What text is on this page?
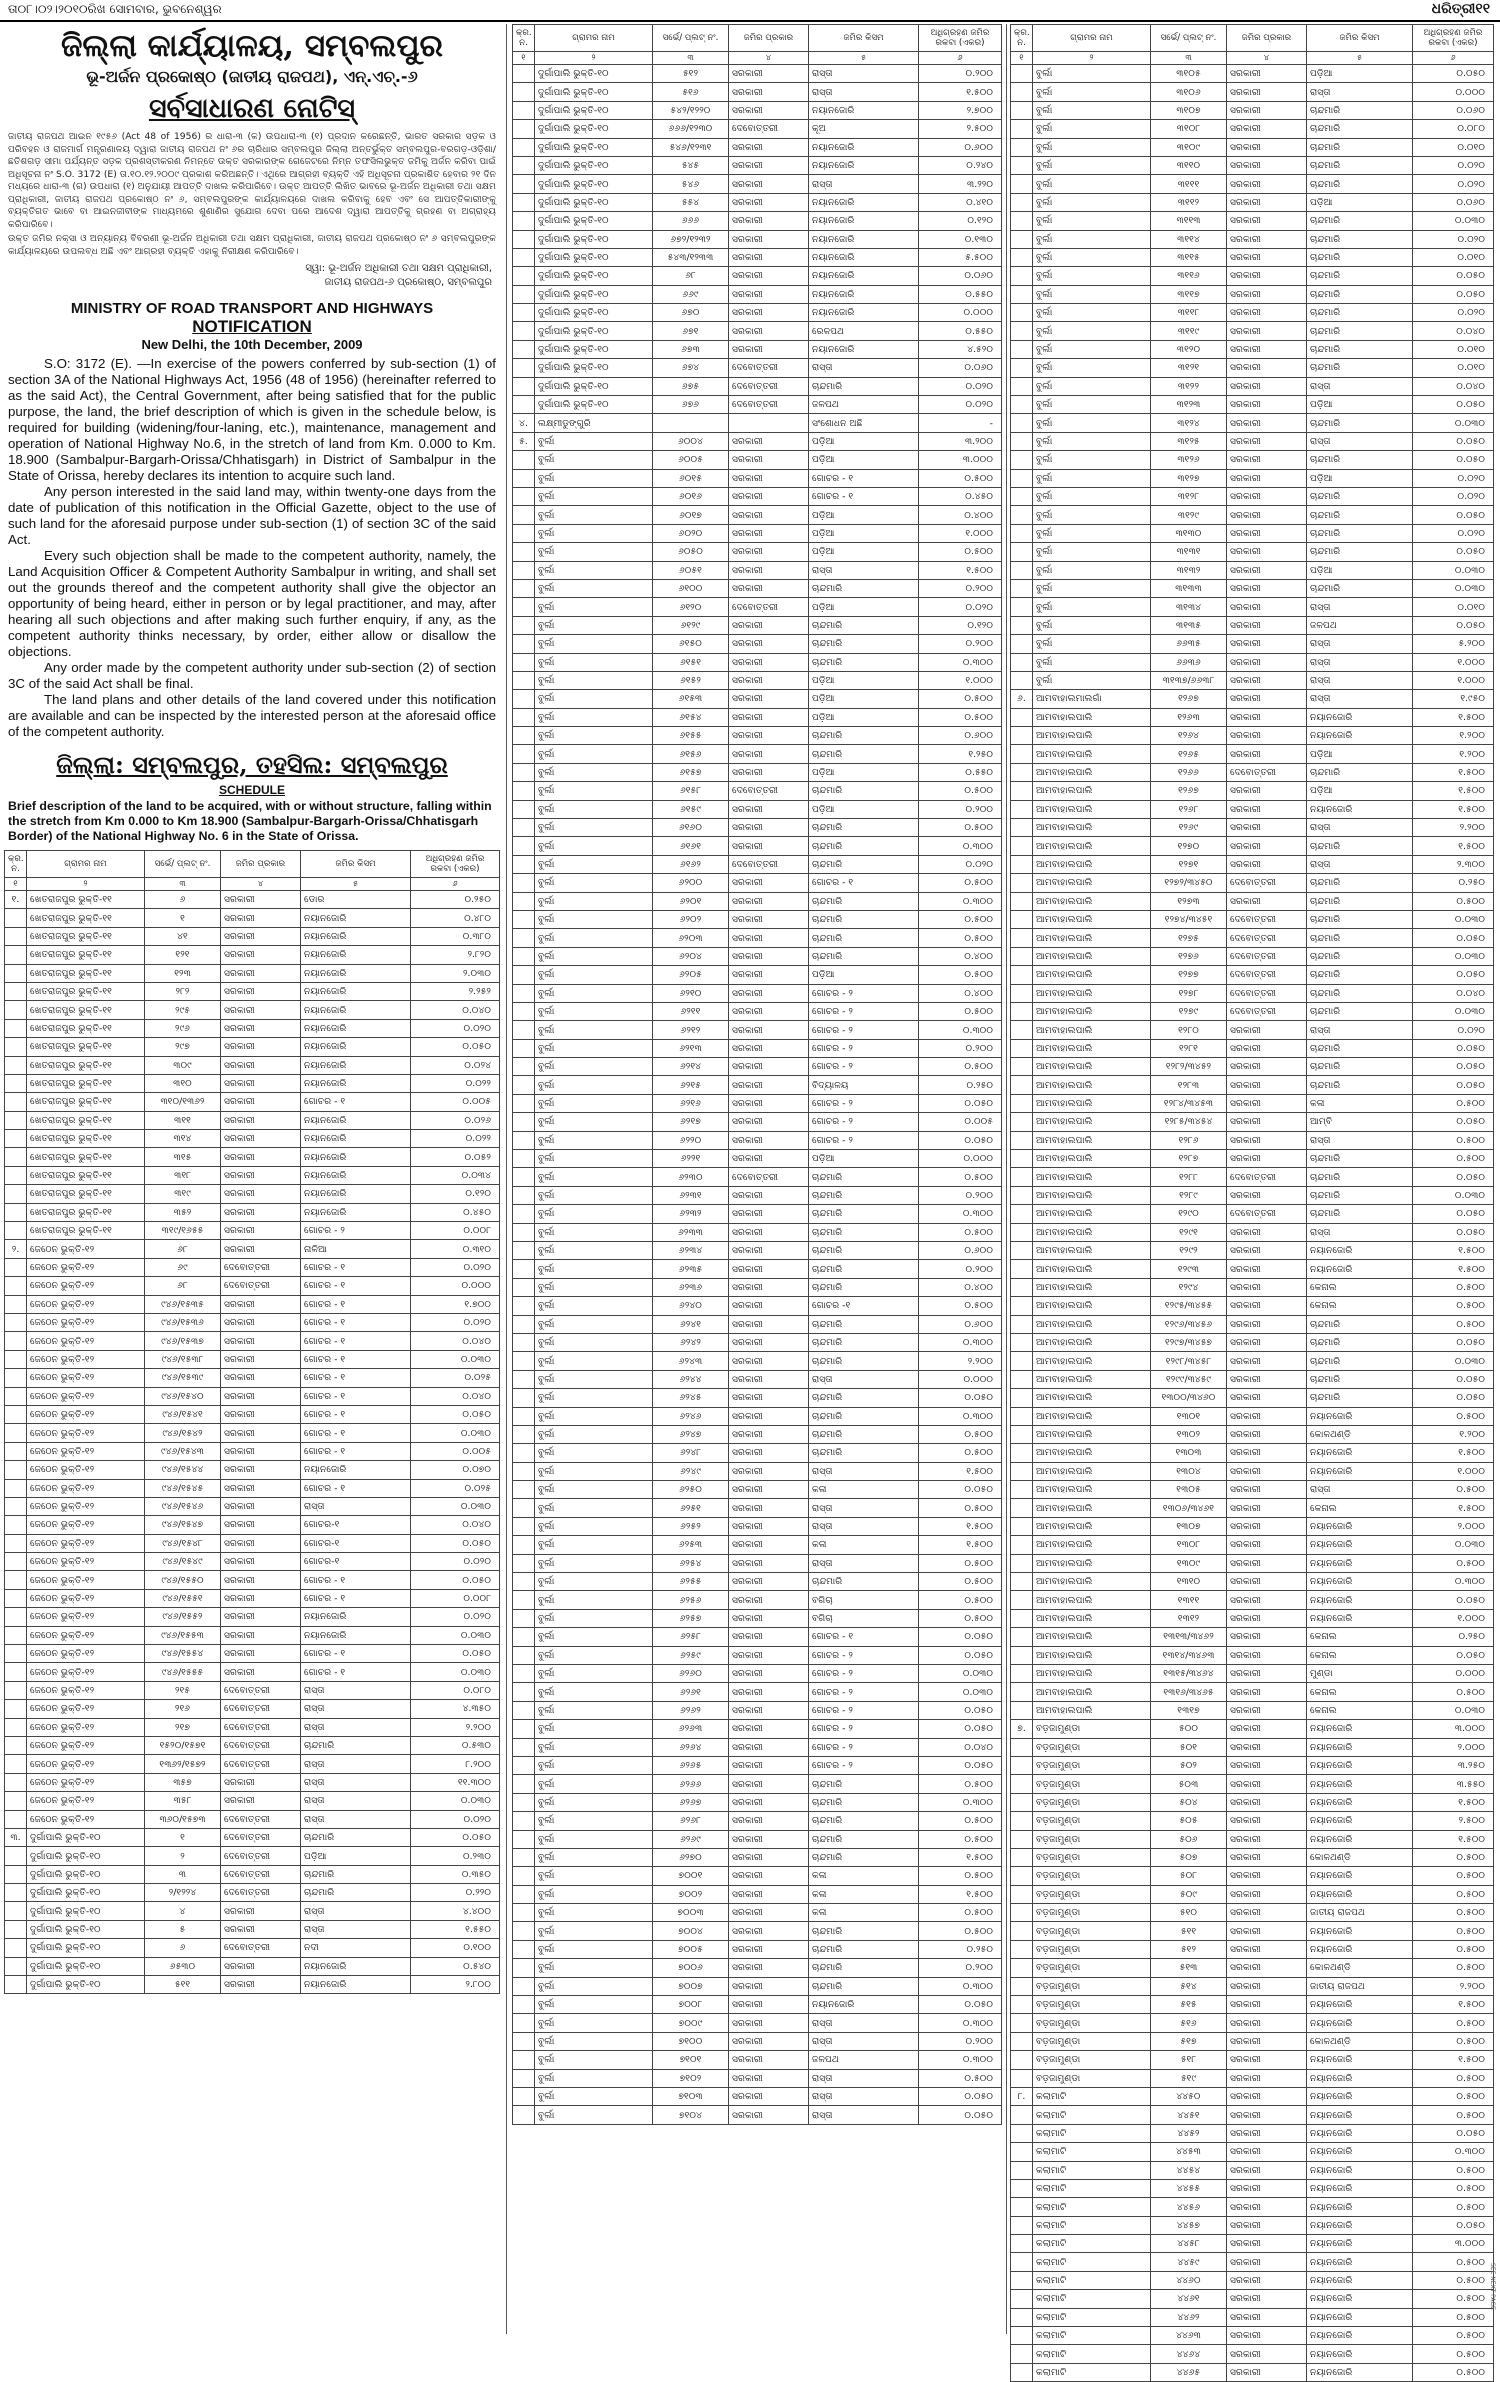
ତା୦୮।୦୨।୨୦୧୦ରିଖ ସୋମବାର, ଭୁବନେଶ୍ୱର	ଧରିତ୍ରୀ୧୧
ଜିଲ୍ଲା କାର୍ଯ୍ୟାଳୟ, ସମ୍ବଲପୁର
ଭୂ-ଅର୍ଜନ ପ୍ରକୋଷ୍ଠ (ଜାତୀୟ ରାଜପଥ), ଏନ୍.ଏଚ୍.-୬
ସର୍ବସାଧାରଣ ନୋଟିସ୍

ଜାତୀୟ ରାଜପଥ ଆଇନ ୧୯୫୬ (Act 48 of 1956) ର ଧାରା-୩ (କ) ଉପଧାରା-୩ (୧) ପ୍ରଦାନ କରେଛନ୍ତି, ଭାରତ ସରକାର ସଡ଼କ ଓ ପରିବହନ ଓ ରାଜମାର୍ଗ ମନ୍ତ୍ରଣାଳୟ ଦ୍ୱାରା ଜାତୀୟ ରାଜପଥ ନଂ ୬ର ଚାରିଧାର ସମ୍ବଲପୁର ଜିଲ୍ଲା ଅନ୍ତର୍ଭୁକ୍ତ ସମ୍ବଲପୁର-ବରଗଡ଼-ଓଡ଼ିଶା/ଛତିଶଗଡ଼ ସୀମା ପର୍ଯ୍ୟନ୍ତ ସଡ଼କ ପ୍ରଶସ୍ତୀକରଣ ନିମନ୍ତେ ଉକ୍ତ ସରକାରଙ୍କ ଗେଜେଟରେ ନିମ୍ନ ତଫସିଲଭୁକ୍ତ ଜମିକୁ ଅର୍ଜନ କରିବା ପାଇଁ ଅଧିସୂଚନା ନଂ S.O. 3172 (E) ତା.୧୦.୧୨.୨୦୦୯ ପ୍ରକାଶ କରିଅଛନ୍ତି। ଏଥିରେ ଆଗ୍ରହୀ ବ୍ୟକ୍ତି ଏହି ଅଧିସୂଚନା ପ୍ରକାଶିତ ହେବାର ୨୧ ଦିନ ମଧ୍ୟରେ ଧାରା-୩ (ଗ) ଉପଧାରା (୧) ଅନୁଯାୟୀ ଆପତ୍ତି ଦାଖଲ କରିପାରିବେ। ଉକ୍ତ ଆପତ୍ତି ଲିଖିତ ଭାବରେ ଭୂ-ଅର୍ଜନ ଅଧିକାରୀ ତଥା ସକ୍ଷମ ପ୍ରାଧିକାରୀ, ଜାତୀୟ ରାଜପଥ ପ୍ରକୋଷ୍ଠ ନଂ ୬, ସମ୍ବଲପୁରଙ୍କ କାର୍ଯ୍ୟାଳୟରେ ଦାଖଲ କରିବାକୁ ହେବ ଏବଂ ସେ ଆପତ୍ତିକାରୀଙ୍କୁ ବ୍ୟକ୍ତିଗତ ଭାବେ ବା ଆଇନଜୀବୀଙ୍କ ମାଧ୍ୟମରେ ଶୁଣାଣିର ସୁଯୋଗ ଦେବା ପରେ ଆଦେଶ ଦ୍ୱାରା ଆପତ୍ତିକୁ ଗ୍ରହଣ ବା ଅଗ୍ରାହ୍ୟ କରିପାରିବେ।

ଉକ୍ତ ଜମିର ନକ୍ସା ଓ ଅନ୍ୟାନ୍ୟ ବିବରଣୀ ଭୂ-ଅର୍ଜନ ଅଧିକାରୀ ତଥା ସକ୍ଷମ ପ୍ରାଧିକାରୀ, ଜାତୀୟ ରାଜପଥ ପ୍ରକୋଷ୍ଠ ନଂ ୬ ସମ୍ବଲପୁରଙ୍କ କାର୍ଯ୍ୟାଳୟରେ ଉପଲବ୍ଧ ଅଛି ଏବଂ ଆଗ୍ରହୀ ବ୍ୟକ୍ତି ଏହାକୁ ନିରୀକ୍ଷଣ କରିପାରିବେ।

ସ୍ୱା: ଭୂ-ଅର୍ଜନ ଅଧିକାରୀ ତଥା ସକ୍ଷମ ପ୍ରାଧିକାରୀ,
ଜାତୀୟ ରାଜପଥ-୬ ପ୍ରକୋଷ୍ଠ, ସମ୍ବଲପୁର
MINISTRY OF ROAD TRANSPORT AND HIGHWAYS
NOTIFICATION
New Delhi, the 10th December, 2009

S.O: 3172 (E). —In exercise of the powers conferred by sub-section (1) of section 3A of the National Highways Act, 1956 (48 of 1956) (hereinafter referred to as the said Act), the Central Government, after being satisfied that for the public purpose, the land, the brief description of which is given in the schedule below, is required for building (widening/four-laning, etc.), maintenance, management and operation of National Highway No.6, in the stretch of land from Km. 0.000 to Km. 18.900 (Sambalpur-Bargarh-Orissa/Chhatisgarh) in District of Sambalpur in the State of Orissa, hereby declares its intention to acquire such land.

Any person interested in the said land may, within twenty-one days from the date of publication of this notification in the Official Gazette, object to the use of such land for the aforesaid purpose under sub-section (1) of section 3C of the said Act.

Every such objection shall be made to the competent authority, namely, the Land Acquisition Officer & Competent Authority Sambalpur in writing, and shall set out the grounds thereof and the competent authority shall give the objector an opportunity of being heard, either in person or by legal practitioner, and may, after hearing all such objections and after making such further enquiry, if any, as the competent authority thinks necessary, by order, either allow or disallow the objections.

Any order made by the competent authority under sub-section (2) of section 3C of the said Act shall be final.

The land plans and other details of the land covered under this notification are available and can be inspected by the interested person at the aforesaid office of the competent authority.

ଜିଲ୍ଲା: ସମ୍ବଲପୁର, ତହସିଲ: ସମ୍ବଲପୁର
SCHEDULE
Brief description of the land to be acquired, with or without structure, falling within the stretch from Km 0.000 to Km 18.900 (Sambalpur-Bargarh-Orissa/Chhatisgarh Border) of the National Highway No. 6 in the State of Orissa.
କ୍ର. ନ.	ଗ୍ରାମର ନାମ	ସର୍ଭେ/ ପ୍ଲଟ୍ ନଂ.	ଜମିର ପ୍ରକାର	ଜମିର କିସମ	ଅଧିଗ୍ରହଣ ଜମିର ରକବା (ଏକର)
୧	୨	୩	୪	୫	୬
୧.	ଖେତରାଜପୁର ଭୁକ୍ତି-୧୧	୬	ସରକାରୀ	ଡୋର	୦.୨୫୦
	ଖେତରାଜପୁର ଭୁକ୍ତି-୧୧	୧	ସରକାରୀ	ନୟାନଜୋରି	୦.୪୮୦
	ଖେତରାଜପୁର ଭୁକ୍ତି-୧୧	୪୧	ସରକାରୀ	ନୟାନଜୋରି	୦.୩୮୦
	ଖେତରାଜପୁର ଭୁକ୍ତି-୧୧	୧୨୧	ସରକାରୀ	ନୟାନଜୋରି	୨.୮୨୦
	ଖେତରାଜପୁର ଭୁକ୍ତି-୧୧	୧୨୩	ସରକାରୀ	ନୟାନଜୋରି	୨.୦୩୦
	ଖେତରାଜପୁର ଭୁକ୍ତି-୧୧	୨୮୨	ସରକାରୀ	ନୟାନଜୋରି	୨.୨୫୨
	ଖେତରାଜପୁର ଭୁକ୍ତି-୧୧	୨୯୫	ସରକାରୀ	ନୟାନଜୋରି	୦.୦୪୦
	ଖେତରାଜପୁର ଭୁକ୍ତି-୧୧	୨୯୬	ସରକାରୀ	ନୟାନଜୋରି	୦.୦୨୦
	ଖେତରାଜପୁର ଭୁକ୍ତି-୧୧	୨୯୭	ସରକାରୀ	ନୟାନଜୋରି	୦.୦୫୦
	ଖେତରାଜପୁର ଭୁକ୍ତି-୧୧	୩୦୯	ସରକାରୀ	ନୟାନଜୋରି	୦.୦୨୪
	ଖେତରାଜପୁର ଭୁକ୍ତି-୧୧	୩୧୦	ସରକାରୀ	ନୟାନଜୋରି	୦.୦୨୨
	ଖେତରାଜପୁର ଭୁକ୍ତି-୧୧	୩୧୦/୧୩୬୨	ସରକାରୀ	ଗୋଚର - ୧	୦.୦୦୫
	ଖେତରାଜପୁର ଭୁକ୍ତି-୧୧	୩୧୧	ସରକାରୀ	ନୟାନଜୋରି	୦.୦୨୬
	ଖେତରାଜପୁର ଭୁକ୍ତି-୧୧	୩୧୪	ସରକାରୀ	ନୟାନଜୋରି	୦.୦୨୨
	ଖେତରାଜପୁର ଭୁକ୍ତି-୧୧	୩୧୫	ସରକାରୀ	ନୟାନଜୋରି	୦.୦୫୨
	ଖେତରାଜପୁର ଭୁକ୍ତି-୧୧	୩୧୮	ସରକାରୀ	ନୟାନଜୋରି	୦.୦୩୪
	ଖେତରାଜପୁର ଭୁକ୍ତି-୧୧	୩୧୯	ସରକାରୀ	ନୟାନଜୋରି	୦.୧୨୦
	ଖେତରାଜପୁର ଭୁକ୍ତି-୧୧	୩୫୨	ସରକାରୀ	ନୟାନଜୋରି	୦.୪୫୦
	ଖେତରାଜପୁର ଭୁକ୍ତି-୧୧	୩୧୯/୧୬୫୫	ସରକାରୀ	ଗୋଚର - ୨	୦.୦୦୮
୨.	ଜେଠେନ ଭୁକ୍ତି-୧୨	୬୮	ସରକାରୀ	ନାଳିଆ	୦.୩୧୦
	ଜେଠେନ ଭୁକ୍ତି-୧୨	୬୯	ଦେବୋତ୍ତରୀ	ଗୋଚର - ୧	୦.୦୨୦
	ଜେଠେନ ଭୁକ୍ତି-୧୨	୬୮	ଦେବୋତ୍ତରୀ	ଗୋଚର - ୧	୦.୦୦୦
	ଜେଠେନ ଭୁକ୍ତି-୧୨	୯୪୬/୧୫୩୫	ସରକାରୀ	ଗୋଚର - ୧	୧.୭୦୦
	ଜେଠେନ ଭୁକ୍ତି-୧୨	୯୪୬/୧୫୩୬	ସରକାରୀ	ଗୋଚର - ୧	୦.୦୨୦
	ଜେଠେନ ଭୁକ୍ତି-୧୨	୯୪୬/୧୫୩୭	ସରକାରୀ	ଗୋଚର - ୧	୦.୦୪୦
	ଜେଠେନ ଭୁକ୍ତି-୧୨	୯୪୬/୧୫୩୮	ସରକାରୀ	ଗୋଚର - ୧	୦.୦୩୦
	ଜେଠେନ ଭୁକ୍ତି-୧୨	୯୪୬/୧୫୩୯	ସରକାରୀ	ଗୋଚର - ୧	୦.୦୨୫
	ଜେଠେନ ଭୁକ୍ତି-୧୨	୯୪୬/୧୫୪୦	ସରକାରୀ	ଗୋଚର - ୧	୦.୦୪୦
	ଜେଠେନ ଭୁକ୍ତି-୧୨	୯୪୬/୧୫୪୧	ସରକାରୀ	ଗୋଚର - ୧	୦.୦୫୦
	ଜେଠେନ ଭୁକ୍ତି-୧୨	୯୪୬/୧୫୪୨	ସରକାରୀ	ଗୋଚର - ୧	୦.୦୩୦
	ଜେଠେନ ଭୁକ୍ତି-୧୨	୯୪୬/୧୫୪୩	ସରକାରୀ	ଗୋଚର - ୧	୦.୦୦୫
	ଜେଠେନ ଭୁକ୍ତି-୧୨	୯୪୬/୧୫୪୪	ସରକାରୀ	ନୟାନଜୋରି	୦.୦୭୦
	ଜେଠେନ ଭୁକ୍ତି-୧୨	୯୪୬/୧୫୪୫	ସରକାରୀ	ଗୋଚର - ୧	୦.୦୨୫
	ଜେଠେନ ଭୁକ୍ତି-୧୨	୯୪୬/୧୫୪୬	ସରକାରୀ	ରାସ୍ତା	୦.୦୩୦
	ଜେଠେନ ଭୁକ୍ତି-୧୨	୯୪୬/୧୫୪୭	ସରକାରୀ	ଗୋଚର-୧	୦.୦୪୦
	ଜେଠେନ ଭୁକ୍ତି-୧୨	୯୪୬/୧୫୪୮	ସରକାରୀ	ଗୋଚର-୧	୦.୦୫୦
	ଜେଠେନ ଭୁକ୍ତି-୧୨	୯୪୬/୧୫୪୯	ସରକାରୀ	ଗୋଚର-୧	୦.୦୨୦
	ଜେଠେନ ଭୁକ୍ତି-୧୨	୯୪୬/୧୫୫୦	ସରକାରୀ	ଗୋଚର - ୧	୦.୦୫୦
	ଜେଠେନ ଭୁକ୍ତି-୧୨	୯୪୬/୧୫୫୧	ସରକାରୀ	ଗୋଚର - ୧	୦.୦୦୮
	ଜେଠେନ ଭୁକ୍ତି-୧୨	୯୪୬/୧୫୫୨	ସରକାରୀ	ନୟାନଜୋରି	୦.୦୨୦
	ଜେଠେନ ଭୁକ୍ତି-୧୨	୯୪୬/୧୫୫୩	ସରକାରୀ	ନୟାନଜୋରି	୦.୦୩୦
	ଜେଠେନ ଭୁକ୍ତି-୧୨	୯୪୬/୧୫୫୪	ସରକାରୀ	ଗୋଚର - ୧	୦.୦୫୦
	ଜେଠେନ ଭୁକ୍ତି-୧୨	୯୪୬/୧୫୫୫	ସରକାରୀ	ଗୋଚର - ୧	୦.୦୩୦
	ଜେଠେନ ଭୁକ୍ତି-୧୨	୨୧୫	ଦେବୋତ୍ତରୀ	ରାସ୍ତା	୦.୦୮୦
	ଜେଠେନ ଭୁକ୍ତି-୧୨	୨୧୬	ଦେବୋତ୍ତରୀ	ରାସ୍ତା	୪.୩୫୦
	ଜେଠେନ ଭୁକ୍ତି-୧୨	୨୧୭	ଦେବୋତ୍ତରୀ	ରାସ୍ତା	୨.୨୦୦
	ଜେଠେନ ଭୁକ୍ତି-୧୨	୧୫୨୦/୧୫୭୧	ଦେବୋତ୍ତରୀ	ଚାନ୍ଦମାରି	୦.୫୩୦
	ଜେଠେନ ଭୁକ୍ତି-୧୨	୧୩୬୨/୧୫୭୨	ଦେବୋତ୍ତରୀ	ରାସ୍ତା	୮.୨୦୦
	ଜେଠେନ ଭୁକ୍ତି-୧୨	୩୫୭	ସରକାରୀ	ରାସ୍ତା	୧୧.୩୦୦
	ଜେଠେନ ଭୁକ୍ତି-୧୨	୩୫୮	ସରକାରୀ	ରାସ୍ତା	୦.୦୩୦
	ଜେଠେନ ଭୁକ୍ତି-୧୨	୩୬୦/୧୫୭୩	ଦେବୋତ୍ତରୀ	ରାସ୍ତା	୦.୦୨୦
୩.	ଦୁର୍ଗାପାଲି ଭୁକ୍ତି-୧୦	୧	ଦେବୋତ୍ତରୀ	ଚାନ୍ଦମାରି	୦.୦୫୦
	ଦୁର୍ଗାପାଲି ଭୁକ୍ତି-୧୦	୨	ଦେବୋତ୍ତରୀ	ପଡ଼ିଆ	୦.୨୩୦
	ଦୁର୍ଗାପାଲି ଭୁକ୍ତି-୧୦	୩	ଦେବୋତ୍ତରୀ	ଚାନ୍ଦମାରି	୦.୩୫୦
	ଦୁର୍ଗାପାଲି ଭୁକ୍ତି-୧୦	୨/୧୨୨୪	ଦେବୋତ୍ତରୀ	ଚାନ୍ଦମାରି	୦.୨୨୦
	ଦୁର୍ଗାପାଲି ଭୁକ୍ତି-୧୦	୪	ସରକାରୀ	ରାସ୍ତା	୪.୪୦୦
	ଦୁର୍ଗାପାଲି ଭୁକ୍ତି-୧୦	୫	ସରକାରୀ	ରାସ୍ତା	୧.୫୫୦
	ଦୁର୍ଗାପାଲି ଭୁକ୍ତି-୧୦	୬	ଦେବୋତ୍ତରୀ	ନଦୀ	୦.୧୦୦
	ଦୁର୍ଗାପାଲି ଭୁକ୍ତି-୧୦	୬୫୩୦	ସରକାରୀ	ନୟାନଜୋରି	୦.୫୪୦
	ଦୁର୍ଗାପାଲି ଭୁକ୍ତି-୧୦	୫୧୧	ସରକାରୀ	ନୟାନଜୋରି	୨.୮୦୦
କ୍ର. ନ.	ଗ୍ରାମର ନାମ	ସର୍ଭେ/ ପ୍ଲଟ୍ ନଂ.	ଜମିର ପ୍ରକାର	ଜମିର କିସମ	ଅଧିଗ୍ରହଣ ଜମିର ରକବା (ଏକର)
୧	୨	୩	୪	୫	୬
	ଦୁର୍ଗାପାଲି ଭୁକ୍ତି-୧୦	୫୧୨	ସରକାରୀ	ରାସ୍ତା	୦.୨୦୦
	ଦୁର୍ଗାପାଲି ଭୁକ୍ତି-୧୦	୫୧୬	ସରକାରୀ	ରାସ୍ତା	୧.୫୦୦
	ଦୁର୍ଗାପାଲି ଭୁକ୍ତି-୧୦	୫୪୨/୧୨୨୦	ସରକାରୀ	ନୟାନଜୋରି	୨.୭୦୦
	ଦୁର୍ଗାପାଲି ଭୁକ୍ତି-୧୦	୬୬୬/୧୨୩୦	ଦେବୋତ୍ତରୀ	କୂଅ	୨.୫୦୦
	ଦୁର୍ଗାପାଲି ଭୁକ୍ତି-୧୦	୫୪୬/୧୨୩୧	ସରକାରୀ	ନୟାନଜୋରି	୦.୬୦୦
	ଦୁର୍ଗାପାଲି ଭୁକ୍ତି-୧୦	୫୪୫	ସରକାରୀ	ନୟାନଜୋରି	୦.୨୪୦
	ଦୁର୍ଗାପାଲି ଭୁକ୍ତି-୧୦	୫୪୬	ସରକାରୀ	ରାସ୍ତା	୩.୨୨୦
	ଦୁର୍ଗାପାଲି ଭୁକ୍ତି-୧୦	୫୫୪	ସରକାରୀ	ନୟାନଜୋରି	୦.୪୧୦
	ଦୁର୍ଗାପାଲି ଭୁକ୍ତି-୧୦	୬୬୬	ସରକାରୀ	ନୟାନଜୋରି	୦.୧୨୦
	ଦୁର୍ଗାପାଲି ଭୁକ୍ତି-୧୦	୬୭୨/୧୨୩୨	ସରକାରୀ	ନୟାନଜୋରି	୦.୧୩୦
	ଦୁର୍ଗାପାଲି ଭୁକ୍ତି-୧୦	୫୪୩/୧୨୩୩	ସରକାରୀ	ନୟାନଜୋରି	୫.୫୦୦
	ଦୁର୍ଗାପାଲି ଭୁକ୍ତି-୧୦	୬୮	ସରକାରୀ	ନୟାନଜୋରି	୦.୦୬୦
	ଦୁର୍ଗାପାଲି ଭୁକ୍ତି-୧୦	୬୬୯	ସରକାରୀ	ନୟାନଜୋରି	୦.୫୫୦
	ଦୁର୍ଗାପାଲି ଭୁକ୍ତି-୧୦	୬୭୦	ସରକାରୀ	ନୟାନଜୋରି	୦.୦୦୦
	ଦୁର୍ଗାପାଲି ଭୁକ୍ତି-୧୦	୬୭୧	ସରକାରୀ	ରେଳପଥ	୦.୫୫୦
	ଦୁର୍ଗାପାଲି ଭୁକ୍ତି-୧୦	୬୭୩	ସରକାରୀ	ନୟାନଜୋରି	୪.୫୨୦
	ଦୁର୍ଗାପାଲି ଭୁକ୍ତି-୧୦	୬୭୪	ଦେବୋତ୍ତରୀ	ରାସ୍ତା	୦.୦୬୦
	ଦୁର୍ଗାପାଲି ଭୁକ୍ତି-୧୦	୬୭୫	ଦେବୋତ୍ତରୀ	ଚାନ୍ଦମାରି	୦.୦୨୦
	ଦୁର୍ଗାପାଲି ଭୁକ୍ତି-୧୦	୬୭୬	ଦେବୋତ୍ତରୀ	ଜଳପଥ	୦.୦୨୦
୪.	ଲକ୍ଷ୍ମୀଡୁଙ୍ଗୁରି			ସଂଶୋଧନ ଅଛି	-
୫.	ବୁର୍ଲା	୬୦୦୪	ସରକାରୀ	ପଡ଼ିଆ	୩.୨୦୦
	ବୁର୍ଲା	୬୦୦୫	ସରକାରୀ	ପଡ଼ିଆ	୩.୦୦୦
	ବୁର୍ଲା	୬୦୧୫	ସରକାରୀ	ଗୋଚର - ୧	୦.୫୦୦
	ବୁର୍ଲା	୬୦୧୬	ସରକାରୀ	ଗୋଚର - ୧	୦.୪୫୦
	ବୁର୍ଲା	୬୦୧୭	ସରକାରୀ	ପଡ଼ିଆ	୦.୪୦୦
	ବୁର୍ଲା	୬୦୨୦	ସରକାରୀ	ପଡ଼ିଆ	୧.୦୦୦
	ବୁର୍ଲା	୬୦୫୦	ସରକାରୀ	ପଡ଼ିଆ	୦.୫୦୦
	ବୁର୍ଲା	୬୦୫୧	ସରକାରୀ	ରାସ୍ତା	୧.୫୦୦
	ବୁର୍ଲା	୬୧୦୦	ସରକାରୀ	ଚାନ୍ଦମାରି	୦.୨୦୦
	ବୁର୍ଲା	୬୧୨୦	ଦେବୋତ୍ତରୀ	ପଡ଼ିଆ	୦.୦୨୦
	ବୁର୍ଲା	୬୧୨୯	ସରକାରୀ	ଚାନ୍ଦମାରି	୦.୧୨୦
	ବୁର୍ଲା	୬୧୫୦	ସରକାରୀ	ଚାନ୍ଦମାରି	୦.୨୦୦
	ବୁର୍ଲା	୬୧୫୧	ସରକାରୀ	ଚାନ୍ଦମାରି	୦.୩୦୦
	ବୁର୍ଲା	୬୧୫୨	ସରକାରୀ	ପଡ଼ିଆ	୧.୦୦୦
	ବୁର୍ଲା	୬୧୫୩	ସରକାରୀ	ପଡ଼ିଆ	୦.୫୦୦
	ବୁର୍ଲା	୬୧୫୪	ସରକାରୀ	ପଡ଼ିଆ	୦.୫୦୦
	ବୁର୍ଲା	୬୧୫୫	ସରକାରୀ	ଚାନ୍ଦମାରି	୦.୬୦୦
	ବୁର୍ଲା	୬୧୫୬	ସରକାରୀ	ଚାନ୍ଦମାରି	୧.୨୫୦
	ବୁର୍ଲା	୬୧୫୭	ସରକାରୀ	ପଡ଼ିଆ	୦.୫୫୦
	ବୁର୍ଲା	୬୧୫୮	ଦେବୋତ୍ତରୀ	ଚାନ୍ଦମାରି	୦.୫୦୦
	ବୁର୍ଲା	୬୧୫୯	ସରକାରୀ	ପଡ଼ିଆ	୦.୨୦୦
	ବୁର୍ଲା	୬୧୬୦	ସରକାରୀ	ଚାନ୍ଦମାରି	୦.୫୦୦
	ବୁର୍ଲା	୬୧୬୧	ସରକାରୀ	ଚାନ୍ଦମାରି	୦.୩୦୦
	ବୁର୍ଲା	୬୧୬୨	ଦେବୋତ୍ତରୀ	ଚାନ୍ଦମାରି	୦.୦୨୦
	ବୁର୍ଲା	୬୨୦୦	ସରକାରୀ	ଗୋଚର - ୧	୦.୫୦୦
	ବୁର୍ଲା	୬୨୦୧	ସରକାରୀ	ଚାନ୍ଦମାରି	୦.୩୦୦
	ବୁର୍ଲା	୬୨୦୨	ସରକାରୀ	ଚାନ୍ଦମାରି	୦.୫୦୦
	ବୁର୍ଲା	୬୨୦୩	ସରକାରୀ	ଚାନ୍ଦମାରି	୦.୫୦୦
	ବୁର୍ଲା	୬୨୦୪	ସରକାରୀ	ଚାନ୍ଦମାରି	୦.୪୦୦
	ବୁର୍ଲା	୬୨୦୫	ସରକାରୀ	ପଡ଼ିଆ	୦.୫୦୦
	ବୁର୍ଲା	୬୨୧୦	ସରକାରୀ	ଗୋଚର - ୨	୦.୪୦୦
	ବୁର୍ଲା	୬୨୧୧	ସରକାରୀ	ଗୋଚର - ୨	୦.୫୦୦
	ବୁର୍ଲା	୬୨୧୨	ସରକାରୀ	ଗୋଚର - ୨	୦.୩୦୦
	ବୁର୍ଲା	୬୨୧୩	ସରକାରୀ	ଗୋଚର - ୨	୦.୨୦୦
	ବୁର୍ଲା	୬୨୧୪	ସରକାରୀ	ଗୋଚର - ୨	୦.୫୦୦
	ବୁର୍ଲା	୬୨୧୫	ସରକାରୀ	ବିଦ୍ୟାଳୟ	୦.୨୫୦
	ବୁର୍ଲା	୬୨୧୬	ସରକାରୀ	ଗୋଚର - ୨	୦.୦୫୦
	ବୁର୍ଲା	୬୨୧୭	ସରକାରୀ	ଗୋଚର - ୨	୦.୦୦୫
	ବୁର୍ଲା	୬୨୨୦	ସରକାରୀ	ଗୋଚର - ୨	୦.୦୫୦
	ବୁର୍ଲା	୬୨୨୧	ସରକାରୀ	ପଡ଼ିଆ	୦.୦୦୦
	ବୁର୍ଲା	୬୨୩୦	ଦେବୋତ୍ତରୀ	ଚାନ୍ଦମାରି	୦.୫୦୦
	ବୁର୍ଲା	୬୨୩୧	ସରକାରୀ	ଚାନ୍ଦମାରି	୦.୨୦୦
	ବୁର୍ଲା	୬୨୩୨	ସରକାରୀ	ଚାନ୍ଦମାରି	୦.୩୦୦
	ବୁର୍ଲା	୬୨୩୩	ସରକାରୀ	ଚାନ୍ଦମାରି	୦.୫୦୦
	ବୁର୍ଲା	୬୨୩୪	ସରକାରୀ	ଚାନ୍ଦମାରି	୦.୬୦୦
	ବୁର୍ଲା	୬୨୩୫	ସରକାରୀ	ଚାନ୍ଦମାରି	୦.୨୦୦
	ବୁର୍ଲା	୬୨୩୬	ସରକାରୀ	ଚାନ୍ଦମାରି	୦.୪୦୦
	ବୁର୍ଲା	୬୨୪୦	ସରକାରୀ	ଗୋଚର -୧	୦.୫୦୦
	ବୁର୍ଲା	୬୨୪୧	ସରକାରୀ	ଚାନ୍ଦମାରି	୦.୬୦୦
	ବୁର୍ଲା	୬୨୪୨	ସରକାରୀ	ଚାନ୍ଦମାରି	୦.୩୦୦
	ବୁର୍ଲା	୬୨୪୩	ସରକାରୀ	ଚାନ୍ଦମାରି	୨.୨୦୦
	ବୁର୍ଲା	୬୨୪୪	ସରକାରୀ	ରାସ୍ତା	୦.୦୦୦
	ବୁର୍ଲା	୬୨୪୫	ସରକାରୀ	ଚାନ୍ଦମାରି	୦.୦୫୦
	ବୁର୍ଲା	୬୨୪୬	ସରକାରୀ	ଚାନ୍ଦମାରି	୦.୩୦୦
	ବୁର୍ଲା	୬୨୪୭	ସରକାରୀ	ଚାନ୍ଦମାରି	୦.୫୦୦
	ବୁର୍ଲା	୬୨୪୮	ସରକାରୀ	ଚାନ୍ଦମାରି	୦.୫୦୦
	ବୁର୍ଲା	୬୨୪୯	ସରକାରୀ	ରାସ୍ତା	୧.୫୦୦
	ବୁର୍ଲା	୬୨୫୦	ସରକାରୀ	କଳା	୦.୦୫୦
	ବୁର୍ଲା	୬୨୫୧	ସରକାରୀ	ରାସ୍ତା	୦.୫୦୦
	ବୁର୍ଲା	୬୨୫୨	ସରକାରୀ	ରାସ୍ତା	୧.୫୦୦
	ବୁର୍ଲା	୬୨୫୩	ସରକାରୀ	କଳା	୧.୫୦୦
	ବୁର୍ଲା	୬୨୫୪	ସରକାରୀ	ରାସ୍ତା	୦.୫୦୦
	ବୁର୍ଲା	୬୨୫୫	ସରକାରୀ	ଚାନ୍ଦମାରି	୦.୫୦୦
	ବୁର୍ଲା	୬୨୫୬	ସରକାରୀ	ବଗିଚା	୦.୫୦୦
	ବୁର୍ଲା	୬୨୫୭	ସରକାରୀ	ବଗିଚା	୦.୫୦୦
	ବୁର୍ଲା	୬୨୫୮	ସରକାରୀ	ଗୋଚର - ୧	୦.୦୫୦
	ବୁର୍ଲା	୬୨୫୯	ସରକାରୀ	ଗୋଚର - ୨	୦.୦୫୦
	ବୁର୍ଲା	୬୨୬୦	ସରକାରୀ	ଗୋଚର - ୨	୦.୦୩୦
	ବୁର୍ଲା	୬୨୬୧	ସରକାରୀ	ଗୋଚର - ୨	୦.୦୩୦
	ବୁର୍ଲା	୬୨୬୨	ସରକାରୀ	ଗୋଚର - ୨	୦.୦୫୦
	ବୁର୍ଲା	୬୨୬୩	ସରକାରୀ	ଗୋଚର - ୨	୦.୦୫୦
	ବୁର୍ଲା	୬୨୬୪	ସରକାରୀ	ଗୋଚର - ୨	୦.୦୪୦
	ବୁର୍ଲା	୬୨୬୫	ସରକାରୀ	ଗୋଚର - ୨	୦.୦୫୦
	ବୁର୍ଲା	୬୨୬୬	ସରକାରୀ	ଚାନ୍ଦମାରି	୦.୫୦୦
	ବୁର୍ଲା	୬୨୬୭	ସରକାରୀ	ଚାନ୍ଦମାରି	୦.୩୦୦
	ବୁର୍ଲା	୬୨୬୮	ସରକାରୀ	ଚାନ୍ଦମାରି	୦.୫୦୦
	ବୁର୍ଲା	୬୨୬୯	ସରକାରୀ	ଚାନ୍ଦମାରି	୦.୫୦୦
	ବୁର୍ଲା	୬୨୭୦	ସରକାରୀ	ଚାନ୍ଦମାରି	୧.୫୦୦
	ବୁର୍ଲା	୭୦୦୧	ସରକାରୀ	କଳା	୦.୫୦୦
	ବୁର୍ଲା	୭୦୦୨	ସରକାରୀ	କଳା	୧.୫୦୦
	ବୁର୍ଲା	୭୦୦୩	ସରକାରୀ	କଳା	୦.୫୦୦
	ବୁର୍ଲା	୭୦୦୪	ସରକାରୀ	ଚାନ୍ଦମାରି	୦.୫୦୦
	ବୁର୍ଲା	୭୦୦୫	ସରକାରୀ	ଚାନ୍ଦମାରି	୦.୨୫୦
	ବୁର୍ଲା	୭୦୦୬	ସରକାରୀ	ଚାନ୍ଦମାରି	୦.୨୦୦
	ବୁର୍ଲା	୭୦୦୭	ସରକାରୀ	ଚାନ୍ଦମାରି	୦.୩୦୦
	ବୁର୍ଲା	୭୦୦୮	ସରକାରୀ	ନୟାନଜୋରି	୦.୦୫୦
	ବୁର୍ଲା	୭୦୦୯	ସରକାରୀ	ରାସ୍ତା	୦.୩୦୦
	ବୁର୍ଲା	୭୧୦୦	ସରକାରୀ	ରାସ୍ତା	୦.୨୦୦
	ବୁର୍ଲା	୭୧୦୧	ସରକାରୀ	ଜଳପଥ	୦.୩୦୦
	ବୁର୍ଲା	୭୧୦୨	ସରକାରୀ	ରାସ୍ତା	୦.୫୦୦
	ବୁର୍ଲା	୭୧୦୩	ସରକାରୀ	ରାସ୍ତା	୦.୦୫୦
	ବୁର୍ଲା	୭୧୦୪	ସରକାରୀ	ରାସ୍ତା	୦.୦୫୦
କ୍ର. ନ.	ଗ୍ରାମର ନାମ	ସର୍ଭେ/ ପ୍ଲଟ୍ ନଂ.	ଜମିର ପ୍ରକାର	ଜମିର କିସମ	ଅଧିଗ୍ରହଣ ଜମିର ରକବା (ଏକର)
୧	୨	୩	୪	୫	୬
	ବୁର୍ଲା	୩୧୦୫	ସରକାରୀ	ପଡ଼ିଆ	୦.୦୫୦
	ବୁର୍ଲା	୩୧୦୬	ସରକାରୀ	ରାସ୍ତା	୦.୦୦୦
	ବୁର୍ଲା	୩୧୦୭	ସରକାରୀ	ଚାନ୍ଦମାରି	୦.୦୬୦
	ବୁର୍ଲା	୩୧୦୮	ସରକାରୀ	ଚାନ୍ଦମାରି	୦.୦୮୦
	ବୁର୍ଲା	୩୧୦୯	ସରକାରୀ	ଚାନ୍ଦମାରି	୦.୦୧୦
	ବୁର୍ଲା	୩୧୧୦	ସରକାରୀ	ଚାନ୍ଦମାରି	୦.୦୨୦
	ବୁର୍ଲା	୩୧୧୧	ସରକାରୀ	ଚାନ୍ଦମାରି	୦.୦୨୦
	ବୁର୍ଲା	୩୧୧୨	ସରକାରୀ	ପଡ଼ିଆ	୦.୦୬୦
	ବୁର୍ଲା	୩୧୧୩	ସରକାରୀ	ଚାନ୍ଦମାରି	୦.୦୩୦
	ବୁର୍ଲା	୩୧୧୪	ସରକାରୀ	ଚାନ୍ଦମାରି	୦.୦୨୦
	ବୁର୍ଲା	୩୧୧୫	ସରକାରୀ	ଚାନ୍ଦମାରି	୦.୦୧୦
	ବୁର୍ଲା	୩୧୧୬	ସରକାରୀ	ଚାନ୍ଦମାରି	୦.୦୫୦
	ବୁର୍ଲା	୩୧୧୭	ସରକାରୀ	ଚାନ୍ଦମାରି	୦.୦୫୦
	ବୁର୍ଲା	୩୧୧୮	ସରକାରୀ	ଚାନ୍ଦମାରି	୦.୦୨୦
	ବୁର୍ଲା	୩୧୧୯	ସରକାରୀ	ଚାନ୍ଦମାରି	୦.୦୪୦
	ବୁର୍ଲା	୩୧୨୦	ସରକାରୀ	ଚାନ୍ଦମାରି	୦.୦୧୦
	ବୁର୍ଲା	୩୧୨୧	ସରକାରୀ	ଚାନ୍ଦମାରି	୦.୦୧୦
	ବୁର୍ଲା	୩୧୨୨	ସରକାରୀ	ରାସ୍ତା	୦.୦୪୦
	ବୁର୍ଲା	୩୧୨୩	ସରକାରୀ	ପଡ଼ିଆ	୦.୦୫୦
	ବୁର୍ଲା	୩୧୨୪	ସରକାରୀ	ଚାନ୍ଦମାରି	୦.୦୩୦
	ବୁର୍ଲା	୩୧୨୫	ସରକାରୀ	ରାସ୍ତା	୦.୦୫୦
	ବୁର୍ଲା	୩୧୨୬	ସରକାରୀ	ଚାନ୍ଦମାରି	୦.୦୫୦
	ବୁର୍ଲା	୩୧୨୭	ସରକାରୀ	ପଡ଼ିଆ	୦.୦୨୦
	ବୁର୍ଲା	୩୧୨୮	ସରକାରୀ	ଚାନ୍ଦମାରି	୦.୦୨୦
	ବୁର୍ଲା	୩୧୨୯	ସରକାରୀ	ଚାନ୍ଦମାରି	୦.୦୫୦
	ବୁର୍ଲା	୩୧୩୦	ସରକାରୀ	ଚାନ୍ଦମାରି	୦.୦୨୦
	ବୁର୍ଲା	୩୧୩୧	ସରକାରୀ	ଚାନ୍ଦମାରି	୦.୦୫୦
	ବୁର୍ଲା	୩୧୩୨	ସରକାରୀ	ପଡ଼ିଆ	୦.୦୩୦
	ବୁର୍ଲା	୩୧୩୩	ସରକାରୀ	ଚାନ୍ଦମାରି	୦.୦୩୦
	ବୁର୍ଲା	୩୧୩୪	ସରକାରୀ	ରାସ୍ତା	୦.୦୧୦
	ବୁର୍ଲା	୩୧୩୫	ସରକାରୀ	ଜଳପଥ	୦.୦୫୦
	ବୁର୍ଲା	୬୬୩୫	ସରକାରୀ	ରାସ୍ତା	୫.୨୦୦
	ବୁର୍ଲା	୬୬୩୬	ସରକାରୀ	ରାସ୍ତା	୧.୦୦୦
	ବୁର୍ଲା	୩୧୩୭/୬୬୩୮	ସରକାରୀ	ରାସ୍ତା	୧.୦୦୦
୬.	ଆମବାହାଲମାଲଗାଁ	୧୨୬୭	ସରକାରୀ	ରାସ୍ତା	୧.୯୫୦
	ଆମବାହାଲପାଲି	୧୨୬୩	ସରକାରୀ	ନୟାନଜୋରି	୧.୫୦୦
	ଆମବାହାଲପାଲି	୧୨୬୪	ସରକାରୀ	ନୟାନଜୋରି	୧.୨୦୦
	ଆମବାହାଲପାଲି	୧୨୬୫	ସରକାରୀ	ପଡ଼ିଆ	୧.୨୦୦
	ଆମବାହାଲପାଲି	୧୨୬୬	ଦେବୋତ୍ତରୀ	ଚାନ୍ଦମାରି	୧.୫୦୦
	ଆମବାହାଲପାଲି	୧୨୬୭	ସରକାରୀ	ପଡ଼ିଆ	୧.୫୦୦
	ଆମବାହାଲପାଲି	୧୨୬୮	ସରକାରୀ	ନୟାନଜୋରି	୧.୫୦୦
	ଆମବାହାଲପାଲି	୧୨୬୯	ସରକାରୀ	ରାସ୍ତା	୨.୨୦୦
	ଆମବାହାଲପାଲି	୧୨୭୦	ସରକାରୀ	ଚାନ୍ଦମାରି	୧.୫୦୦
	ଆମବାହାଲପାଲି	୧୨୭୧	ସରକାରୀ	ରାସ୍ତା	୨.୩୦୦
	ଆମବାହାଲପାଲି	୧୨୭୨/୩୪୫୦	ଦେବୋତ୍ତରୀ	ଚାନ୍ଦମାରି	୦.୨୫୦
	ଆମବାହାଲପାଲି	୧୨୭୩	ସରକାରୀ	ଚାନ୍ଦମାରି	୦.୫୦୦
	ଆମବାହାଲପାଲି	୧୨୭୪/୩୪୫୧	ଦେବୋତ୍ତରୀ	ଚାନ୍ଦମାରି	୦.୦୩୦
	ଆମବାହାଲପାଲି	୧୨୭୫	ଦେବୋତ୍ତରୀ	ଚାନ୍ଦମାରି	୦.୦୫୦
	ଆମବାହାଲପାଲି	୧୨୭୬	ଦେବୋତ୍ତରୀ	ଚାନ୍ଦମାରି	୦.୦୩୦
	ଆମବାହାଲପାଲି	୧୨୭୭	ଦେବୋତ୍ତରୀ	ଚାନ୍ଦମାରି	୦.୦୫୦
	ଆମବାହାଲପାଲି	୧୨୭୮	ଦେବୋତ୍ତରୀ	ଚାନ୍ଦମାରି	୦.୦୪୦
	ଆମବାହାଲପାଲି	୧୨୭୯	ଦେବୋତ୍ତରୀ	ଚାନ୍ଦମାରି	୦.୦୩୦
	ଆମବାହାଲପାଲି	୧୨୮୦	ସରକାରୀ	ରାସ୍ତା	୦.୦୨୦
	ଆମବାହାଲପାଲି	୧୨୮୧	ସରକାରୀ	ଚାନ୍ଦମାରି	୦.୦୫୦
	ଆମବାହାଲପାଲି	୧୨୮୨/୩୪୫୨	ସରକାରୀ	ଚାନ୍ଦମାରି	୦.୦୫୦
	ଆମବାହାଲପାଲି	୧୨୮୩	ସରକାରୀ	ଚାନ୍ଦମାରି	୦.୦୫୦
	ଆମବାହାଲପାଲି	୧୨୮୪/୩୪୫୩	ସରକାରୀ	କଳା	୦.୫୦୦
	ଆମବାହାଲପାଲି	୧୨୮୫/୩୪୫୪	ସରକାରୀ	ଆମ୍ବି	୦.୦୫୦
	ଆମବାହାଲପାଲି	୧୨୮୬	ସରକାରୀ	ରାସ୍ତା	୦.୫୦୦
	ଆମବାହାଲପାଲି	୧୨୮୭	ସରକାରୀ	ଚାନ୍ଦମାରି	୦.୫୦୦
	ଆମବାହାଲପାଲି	୧୨୮୮	ଦେବୋତ୍ତରୀ	ଚାନ୍ଦମାରି	୦.୦୫୦
	ଆମବାହାଲପାଲି	୧୨୮୯	ସରକାରୀ	ଚାନ୍ଦମାରି	୦.୦୩୦
	ଆମବାହାଲପାଲି	୧୨୯୦	ଦେବୋତ୍ତରୀ	ଚାନ୍ଦମାରି	୦.୦୫୦
	ଆମବାହାଲପାଲି	୧୨୯୧	ସରକାରୀ	ରାସ୍ତା	୦.୦୫୦
	ଆମବାହାଲପାଲି	୧୨୯୨	ସରକାରୀ	ନୟାନଜୋରି	୧.୫୦୦
	ଆମବାହାଲପାଲି	୧୨୯୩	ସରକାରୀ	ନୟାନଜୋରି	୧.୫୦୦
	ଆମବାହାଲପାଲି	୧୨୯୪	ସରକାରୀ	କେନାଲ	୦.୫୦୦
	ଆମବାହାଲପାଲି	୧୨୯୫/୩୪୫୫	ସରକାରୀ	କେନାଲ	୦.୫୦୦
	ଆମବାହାଲପାଲି	୧୨୯୬/୩୪୫୬	ସରକାରୀ	ଚାନ୍ଦମାରି	୦.୫୦୦
	ଆମବାହାଲପାଲି	୧୨୯୭/୩୪୫୭	ସରକାରୀ	ଚାନ୍ଦମାରି	୦.୦୫୦
	ଆମବାହାଲପାଲି	୧୨୯୮/୩୪୫୮	ସରକାରୀ	ଚାନ୍ଦମାରି	୦.୦୩୦
	ଆମବାହାଲପାଲି	୧୨୯୯/୩୪୫୯	ସରକାରୀ	ଚାନ୍ଦମାରି	୦.୦୫୦
	ଆମବାହାଲପାଲି	୧୩୦୦/୩୪୬୦	ସରକାରୀ	ଚାନ୍ଦମାରି	୦.୦୫୦
	ଆମବାହାଲପାଲି	୧୩୦୧	ସରକାରୀ	ନୟାନଜୋରି	୦.୫୦୦
	ଆମବାହାଲପାଲି	୧୩୦୨	ସରକାରୀ	କୋଳଥଣ୍ଡି	୧.୨୦୦
	ଆମବାହାଲପାଲି	୧୩୦୩	ସରକାରୀ	ନୟାନଜୋରି	୧.୫୦୦
	ଆମବାହାଲପାଲି	୧୩୦୪	ସରକାରୀ	ନୟାନଜୋରି	୧.୦୦୦
	ଆମବାହାଲପାଲି	୧୩୦୫	ସରକାରୀ	ରାସ୍ତା	୦.୫୦୦
	ଆମବାହାଲପାଲି	୧୩୦୬/୩୪୬୧	ସରକାରୀ	କେନାଲ	୧.୫୦୦
	ଆମବାହାଲପାଲି	୧୩୦୭	ସରକାରୀ	ନୟାନଜୋରି	୨.୦୦୦
	ଆମବାହାଲପାଲି	୧୩୦୮	ସରକାରୀ	ନୟାନଜୋରି	୦.୦୩୦
	ଆମବାହାଲପାଲି	୧୩୦୯	ସରକାରୀ	ନୟାନଜୋରି	୦.୫୦୦
	ଆମବାହାଲପାଲି	୧୩୧୦	ସରକାରୀ	ନୟାନଜୋରି	୦.୩୦୦
	ଆମବାହାଲପାଲି	୧୩୧୧	ସରକାରୀ	ନୟାନଜୋରି	୦.୦୫୦
	ଆମବାହାଲପାଲି	୧୩୧୨	ସରକାରୀ	ନୟାନଜୋରି	୧.୦୦୦
	ଆମବାହାଲପାଲି	୧୩୧୩/୩୪୬୨	ସରକାରୀ	କେନାଲ	୦.୨୫୦
	ଆମବାହାଲପାଲି	୧୩୧୪/୩୪୬୩	ସରକାରୀ	କେନାଲ	୦.୦୫୦
	ଆମବାହାଲପାଲି	୧୩୧୫/୩୪୬୪	ସରକାରୀ	ମୁଣ୍ଡା	୦.୦୦୦
	ଆମବାହାଲପାଲି	୧୩୧୬/୩୪୬୫	ସରକାରୀ	କେନାଲ	୦.୫୦୦
	ଆମବାହାଲପାଲି	୧୩୧୭	ସରକାରୀ	କେନାଲ	୦.୦୩୦
୭.	ବଡ଼ଜାମୁଣ୍ଡା	୫୦୦	ସରକାରୀ	ନୟାନଜୋରି	୩.୦୦୦
	ବଡ଼ଜାମୁଣ୍ଡା	୫୦୧	ସରକାରୀ	ନୟାନଜୋରି	୨.୦୦୦
	ବଡ଼ଜାମୁଣ୍ଡା	୫୦୨	ସରକାରୀ	ନୟାନଜୋରି	୩.୨୫୦
	ବଡ଼ଜାମୁଣ୍ଡା	୫୦୩	ସରକାରୀ	ନୟାନଜୋରି	୩.୫୫୦
	ବଡ଼ଜାମୁଣ୍ଡା	୫୦୪	ସରକାରୀ	ନୟାନଜୋରି	୧.୫୦୦
	ବଡ଼ଜାମୁଣ୍ଡା	୫୦୫	ସରକାରୀ	ନୟାନଜୋରି	୨.୫୦୦
	ବଡ଼ଜାମୁଣ୍ଡା	୫୦୬	ସରକାରୀ	ନୟାନଜୋରି	୧.୫୦୦
	ବଡ଼ଜାମୁଣ୍ଡା	୫୦୭	ସରକାରୀ	କୋଳଥଣ୍ଡି	୦.୫୦୦
	ବଡ଼ଜାମୁଣ୍ଡା	୫୦୮	ସରକାରୀ	ନୟାନଜୋରି	୦.୫୦୦
	ବଡ଼ଜାମୁଣ୍ଡା	୫୦୯	ସରକାରୀ	ନୟାନଜୋରି	୦.୫୦୦
	ବଡ଼ଜାମୁଣ୍ଡା	୫୧୦	ସରକାରୀ	ଜାତୀୟ ରାଜପଥ	୦.୫୦୦
	ବଡ଼ଜାମୁଣ୍ଡା	୫୧୧	ସରକାରୀ	ନୟାନଜୋରି	୦.୫୦୦
	ବଡ଼ଜାମୁଣ୍ଡା	୫୧୨	ସରକାରୀ	ନୟାନଜୋରି	୦.୫୦୦
	ବଡ଼ଜାମୁଣ୍ଡା	୫୧୩	ସରକାରୀ	କୋଳଥଣ୍ଡି	୦.୫୦୦
	ବଡ଼ଜାମୁଣ୍ଡା	୫୧୪	ସରକାରୀ	ଜାତୀୟ ରାଜପଥ	୨.୨୦୦
	ବଡ଼ଜାମୁଣ୍ଡା	୫୧୫	ସରକାରୀ	ନୟାନଜୋରି	୧.୫୦୦
	ବଡ଼ଜାମୁଣ୍ଡା	୫୧୬	ସରକାରୀ	ନୟାନଜୋରି	୦.୫୦୦
	ବଡ଼ଜାମୁଣ୍ଡା	୫୧୭	ସରକାରୀ	କୋଳଥଣ୍ଡି	୦.୫୦୦
	ବଡ଼ଜାମୁଣ୍ଡା	୫୧୮	ସରକାରୀ	ନୟାନଜୋରି	୧.୫୦୦
	ବଡ଼ଜାମୁଣ୍ଡା	୫୧୯	ସରକାରୀ	ନୟାନଜୋରି	୦.୫୦୦
୮.	କଲାମାଟି	୪୪୫୦	ସରକାରୀ	ନୟାନଜୋରି	୦.୫୦୦
	କଲାମାଟି	୪୪୫୧	ସରକାରୀ	ନୟାନଜୋରି	୦.୫୦୦
	କଲାମାଟି	୪୪୫୨	ସରକାରୀ	ନୟାନଜୋରି	୦.୦୫୦
	କଲାମାଟି	୪୪୫୩	ସରକାରୀ	ନୟାନଜୋରି	୦.୩୦୦
	କଲାମାଟି	୪୪୫୪	ସରକାରୀ	ନୟାନଜୋରି	୦.୫୦୦
	କଲାମାଟି	୪୪୫୫	ସରକାରୀ	ନୟାନଜୋରି	୦.୫୦୦
	କଲାମାଟି	୪୪୫୬	ସରକାରୀ	ନୟାନଜୋରି	୦.୫୦୦
	କଲାମାଟି	୪୪୫୭	ସରକାରୀ	ନୟାନଜୋରି	୦.୦୫୦
	କଲାମାଟି	୪୪୫୮	ସରକାରୀ	ନୟାନଜୋରି	୩.୦୦୦
	କଲାମାଟି	୪୪୫୯	ସରକାରୀ	ନୟାନଜୋରି	୦.୫୦୦
	କଲାମାଟି	୪୪୬୦	ସରକାରୀ	ନୟାନଜୋରି	୦.୫୦୦
	କଲାମାଟି	୪୪୬୧	ସରକାରୀ	ନୟାନଜୋରି	୦.୫୦୦
	କଲାମାଟି	୪୪୬୨	ସରକାରୀ	ନୟାନଜୋରି	୦.୫୦୦
	କଲାମାଟି	୪୪୬୩	ସରକାରୀ	ନୟାନଜୋରି	୦.୫୦୦
	କଲାମାଟି	୪୪୬୪	ସରକାରୀ	ନୟାନଜୋରି	୦.୫୦୦
	କଲାମାଟି	୪୪୬୫	ସରକାରୀ	ନୟାନଜୋରି	୦.୫୦୦
SEE NEXT PAGE
